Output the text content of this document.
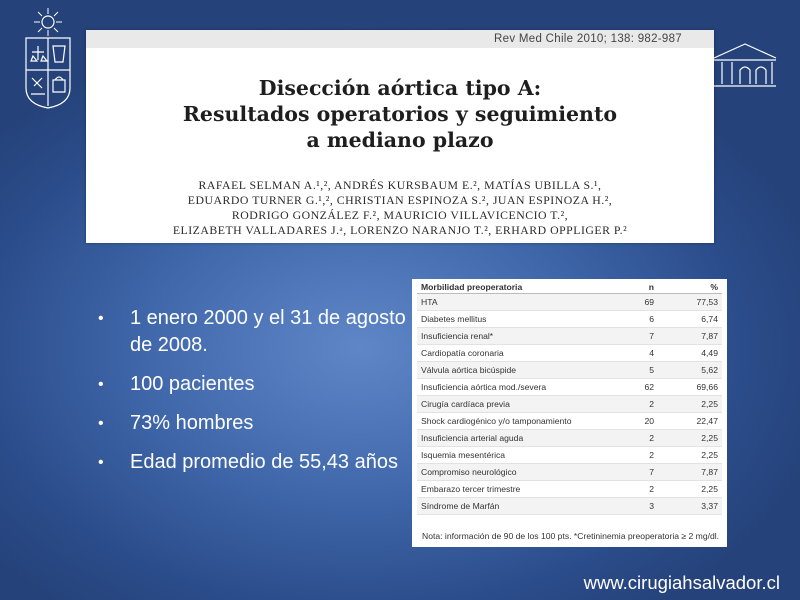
Rev Med Chile 2010; 138: 982-987
Disección aórtica tipo A:
Resultados operatorios y seguimiento
a mediano plazo
RAFAEL SELMAN A.¹,², ANDRÉS KURSBAUM E.², MATÍAS UBILLA S.¹,
EDUARDO TURNER G.¹,², CHRISTIAN ESPINOZA S.², JUAN ESPINOZA H.²,
RODRIGO GONZÁLEZ F.², MAURICIO VILLAVICENCIO T.²,
ELIZABETH VALLADARES J.ᵃ, LORENZO NARANJO T.², ERHARD OPPLIGER P.²
• 1 enero 2000 y el 31 de agosto de 2008.
• 100 pacientes
• 73% hombres
• Edad promedio de 55,43 años
Morbilidad preoperatoria	n	%
HTA	69	77,53
Diabetes mellitus	6	6,74
Insuficiencia renal*	7	7,87
Cardiopatía coronaria	4	4,49
Válvula aórtica bicúspide	5	5,62
Insuficiencia aórtica mod./severa	62	69,66
Cirugía cardíaca previa	2	2,25
Shock cardiogénico y/o tamponamiento	20	22,47
Insuficiencia arterial aguda	2	2,25
Isquemia mesentérica	2	2,25
Compromiso neurológico	7	7,87
Embarazo tercer trimestre	2	2,25
Síndrome de Marfán	3	3,37
Nota: información de 90 de los 100 pts. *Cretininemia preoperatoria ≥ 2 mg/dl.
www.cirugiahsalvador.cl
